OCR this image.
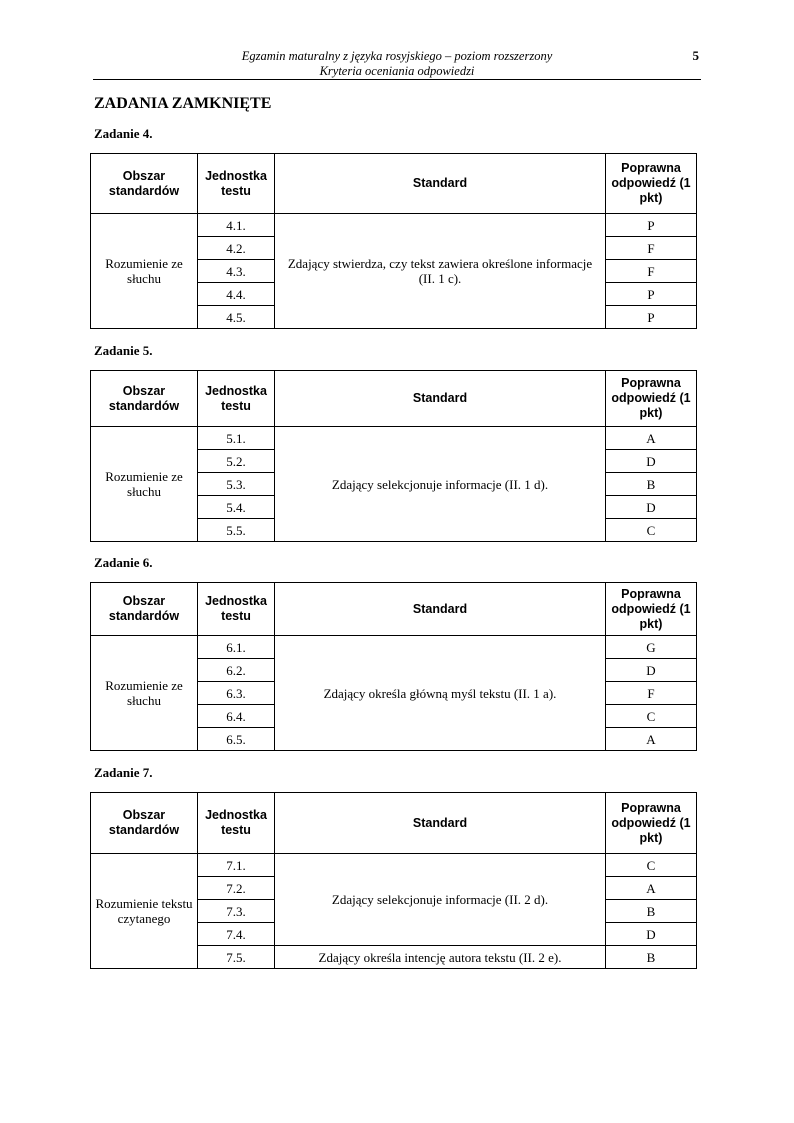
Egzamin maturalny z języka rosyjskiego – poziom rozszerzony
Kryteria oceniania odpowiedzi
5
ZADANIA ZAMKNIĘTE
Zadanie 4.
Obszar standardów	Jednostka testu	Standard	Poprawna odpowiedź (1 pkt)
Rozumienie ze słuchu	4.1.	Zdający stwierdza, czy tekst zawiera określone informacje (II. 1 c).	P
	4.2.		F
	4.3.		F
	4.4.		P
	4.5.		P
Zadanie 5.
Obszar standardów	Jednostka testu	Standard	Poprawna odpowiedź (1 pkt)
Rozumienie ze słuchu	5.1.	Zdający selekcjonuje informacje (II. 1 d).	A
	5.2.		D
	5.3.		B
	5.4.		D
	5.5.		C
Zadanie 6.
Obszar standardów	Jednostka testu	Standard	Poprawna odpowiedź (1 pkt)
Rozumienie ze słuchu	6.1.	Zdający określa główną myśl tekstu (II. 1 a).	G
	6.2.		D
	6.3.		F
	6.4.		C
	6.5.		A
Zadanie 7.
Obszar standardów	Jednostka testu	Standard	Poprawna odpowiedź (1 pkt)
Rozumienie tekstu czytanego	7.1.	Zdający selekcjonuje informacje (II. 2 d).	C
	7.2.		A
	7.3.		B
	7.4.		D
	7.5.	Zdający określa intencję autora tekstu (II. 2 e).	B
